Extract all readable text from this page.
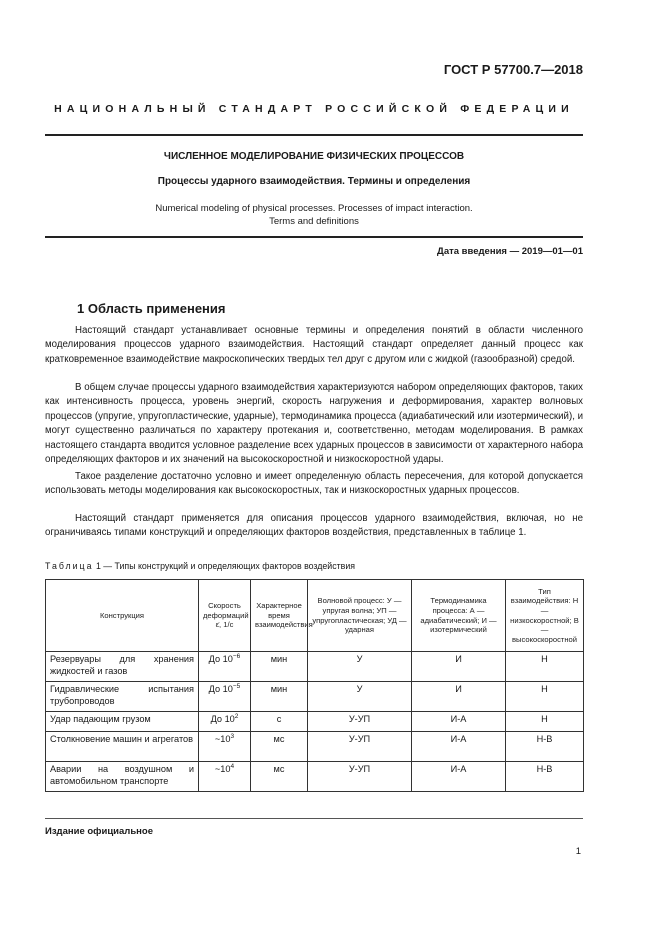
ГОСТ Р 57700.7—2018
НАЦИОНАЛЬНЫЙ СТАНДАРТ РОССИЙСКОЙ ФЕДЕРАЦИИ
ЧИСЛЕННОЕ МОДЕЛИРОВАНИЕ ФИЗИЧЕСКИХ ПРОЦЕССОВ
Процессы ударного взаимодействия. Термины и определения
Numerical modeling of physical processes. Processes of impact interaction.
Terms and definitions
Дата введения — 2019—01—01
1 Область применения
Настоящий стандарт устанавливает основные термины и определения понятий в области численного моделирования процессов ударного взаимодействия. Настоящий стандарт определяет данный процесс как кратковременное взаимодействие макроскопических твердых тел друг с другом или с жидкой (газообразной) средой.
В общем случае процессы ударного взаимодействия характеризуются набором определяющих факторов, таких как интенсивность процесса, уровень энергий, скорость нагружения и деформирования, характер волновых процессов (упругие, упругопластические, ударные), термодинамика процесса (адиабатический или изотермический), и могут существенно различаться по характеру протекания и, соответственно, методам моделирования. В рамках настоящего стандарта вводится условное разделение всех ударных процессов в зависимости от характерного набора определяющих факторов и их значений на высокоскоростной и низкоскоростной удары.
Такое разделение достаточно условно и имеет определенную область пересечения, для которой допускается использовать методы моделирования как высокоскоростных, так и низкоскоростных ударных процессов.
Настоящий стандарт применяется для описания процессов ударного взаимодействия, включая, но не ограничиваясь типами конструкций и определяющих факторов воздействия, представленных в таблице 1.
Таблица 1 — Типы конструкций и определяющих факторов воздействия
Конструкция	Скорость деформаций ε̇, 1/с	Характерное время взаимодействия	Волновой процесс: У — упругая волна; УП — упругопластическая; УД — ударная	Термодинамика процесса: А — адиабатический; И — изотермический	Тип взаимодействия: Н — низкоскоростной; В — высокоскоростной
Резервуары для хранения жидкостей и газов	До $10^{-6}$	мин	У	И	Н
Гидравлические испытания трубопроводов	До $10^{-5}$	мин	У	И	Н
Удар падающим грузом	До $10^2$	с	У-УП	И-А	Н
Столкновение машин и агрегатов	$\sim 10^3$	мс	У-УП	И-А	Н-В
Аварии на воздушном и автомобильном транспорте	$\sim 10^4$	мс	У-УП	И-А	Н-В
Издание официальное
1
